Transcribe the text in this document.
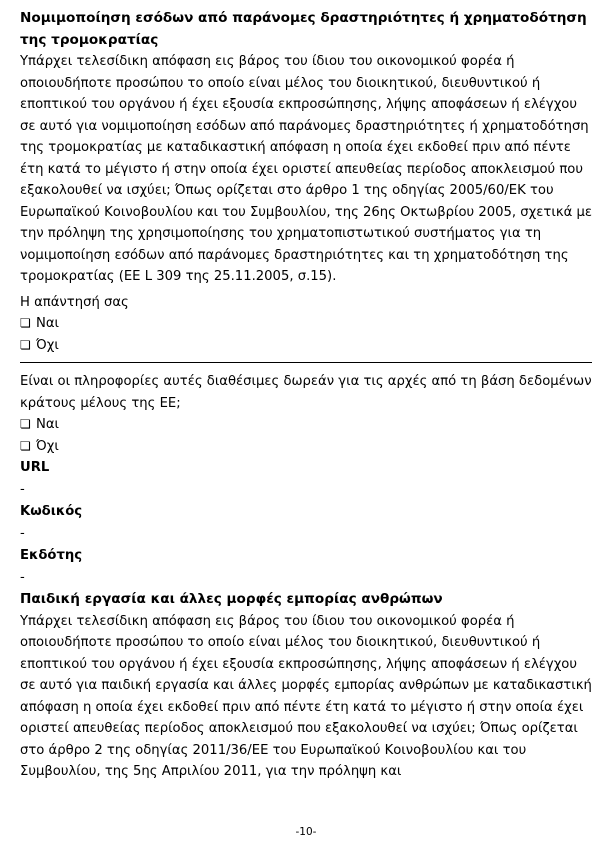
Νομιμοποίηση εσόδων από παράνομες δραστηριότητες ή χρηματοδότηση της τρομοκρατίας

Υπάρχει τελεσίδικη απόφαση εις βάρος του ίδιου του οικονομικού φορέα ή οποιουδήποτε προσώπου το οποίο είναι μέλος του διοικητικού, διευθυντικού ή εποπτικού του οργάνου ή έχει εξουσία εκπροσώπησης, λήψης αποφάσεων ή ελέγχου σε αυτό για νομιμοποίηση εσόδων από παράνομες δραστηριότητες ή χρηματοδότηση της τρομοκρατίας με καταδικαστική απόφαση η οποία έχει εκδοθεί πριν από πέντε έτη κατά το μέγιστο ή στην οποία έχει οριστεί απευθείας περίοδος αποκλεισμού που εξακολουθεί να ισχύει; Όπως ορίζεται στο άρθρο 1 της οδηγίας 2005/60/ΕΚ του Ευρωπαϊκού Κοινοβουλίου και του Συμβουλίου, της 26ης Οκτωβρίου 2005, σχετικά με την πρόληψη της χρησιμοποίησης του χρηματοπιστωτικού συστήματος για τη νομιμοποίηση εσόδων από παράνομες δραστηριότητες και τη χρηματοδότηση της τρομοκρατίας (ΕΕ L 309 της 25.11.2005, σ.15).

Η απάντησή σας
❏ Ναι
❏ Όχι

Είναι οι πληροφορίες αυτές διαθέσιμες δωρεάν για τις αρχές από τη βάση δεδομένων κράτους μέλους της ΕΕ;

❏ Ναι
❏ Όχι

URL

-

Κωδικός

-

Εκδότης

-

Παιδική εργασία και άλλες μορφές εμπορίας ανθρώπων

Υπάρχει τελεσίδικη απόφαση εις βάρος του ίδιου του οικονομικού φορέα ή οποιουδήποτε προσώπου το οποίο είναι μέλος του διοικητικού, διευθυντικού ή εποπτικού του οργάνου ή έχει εξουσία εκπροσώπησης, λήψης αποφάσεων ή ελέγχου σε αυτό για παιδική εργασία και άλλες μορφές εμπορίας ανθρώπων με καταδικαστική απόφαση η οποία έχει εκδοθεί πριν από πέντε έτη κατά το μέγιστο ή στην οποία έχει οριστεί απευθείας περίοδος αποκλεισμού που εξακολουθεί να ισχύει; Όπως ορίζεται στο άρθρο 2 της οδηγίας 2011/36/ΕΕ του Ευρωπαϊκού Κοινοβουλίου και του Συμβουλίου, της 5ης Απριλίου 2011, για την πρόληψη και

-10-
